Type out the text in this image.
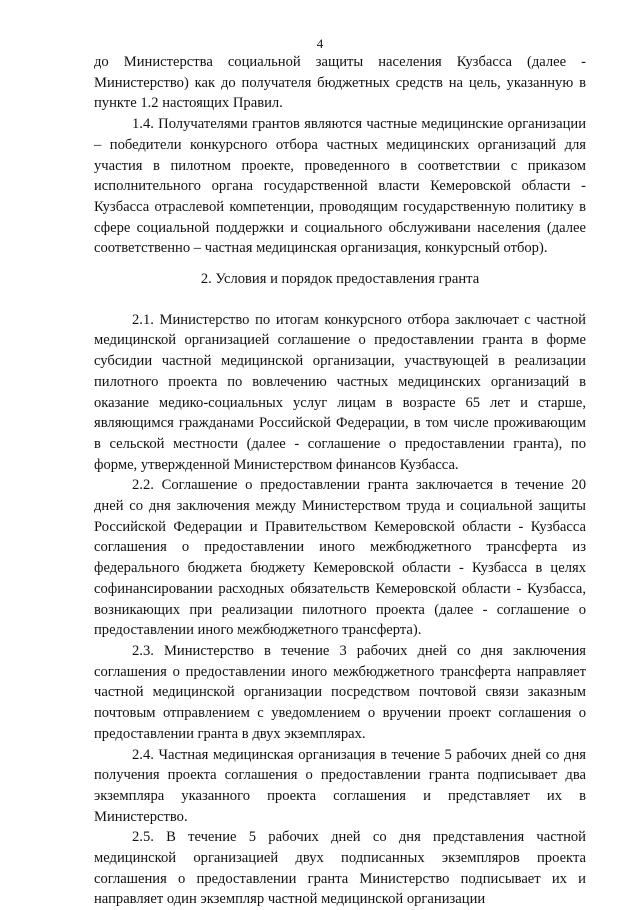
4

до Министерства социальной защиты населения Кузбасса (далее - Министерство) как до получателя бюджетных средств на цель, указанную в пункте 1.2 настоящих Правил.

1.4. Получателями грантов являются частные медицинские организации – победители конкурсного отбора частных медицинских организаций для участия в пилотном проекте, проведенного в соответствии с приказом исполнительного органа государственной власти Кемеровской области - Кузбасса отраслевой компетенции, проводящим государственную политику в сфере социальной поддержки и социального обслуживани населения (далее соответственно – частная медицинская организация, конкурсный отбор).

2. Условия и порядок предоставления гранта

2.1. Министерство по итогам конкурсного отбора заключает с частной медицинской организацией соглашение о предоставлении гранта в форме субсидии частной медицинской организации, участвующей в реализации пилотного проекта по вовлечению частных медицинских организаций в оказание медико-социальных услуг лицам в возрасте 65 лет и старше, являющимся гражданами Российской Федерации, в том числе проживающим в сельской местности (далее - соглашение о предоставлении гранта), по форме, утвержденной Министерством финансов Кузбасса.

2.2. Соглашение о предоставлении гранта заключается в течение 20 дней со дня заключения между Министерством труда и социальной защиты Российской Федерации и Правительством Кемеровской области - Кузбасса соглашения о предоставлении иного межбюджетного трансферта из федерального бюджета бюджету Кемеровской области - Кузбасса в целях софинансировании расходных обязательств Кемеровской области - Кузбасса, возникающих при реализации пилотного проекта (далее - соглашение о предоставлении иного межбюджетного трансферта).

2.3. Министерство в течение 3 рабочих дней со дня заключения соглашения о предоставлении иного межбюджетного трансферта направляет частной медицинской организации посредством почтовой связи заказным почтовым отправлением с уведомлением о вручении проект соглашения о предоставлении гранта в двух экземплярах.

2.4. Частная медицинская организация в течение 5 рабочих дней со дня получения проекта соглашения о предоставлении гранта подписывает два экземпляра указанного проекта соглашения и представляет их в Министерство.

2.5. В течение 5 рабочих дней со дня представления частной медицинской организацией двух подписанных экземпляров проекта соглашения о предоставлении гранта Министерство подписывает их и направляет один экземпляр частной медицинской организации
